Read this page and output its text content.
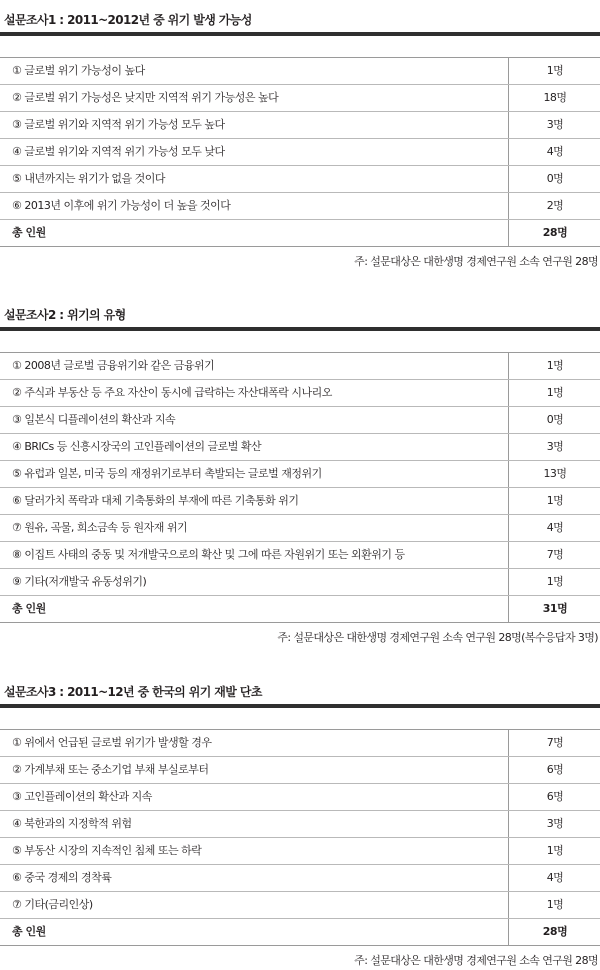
설문조사1 : 2011~2012년 중 위기 발생 가능성
① 글로벌 위기 가능성이 높다	1명
② 글로벌 위기 가능성은 낮지만 지역적 위기 가능성은 높다	18명
③ 글로벌 위기와 지역적 위기 가능성 모두 높다	3명
④ 글로벌 위기와 지역적 위기 가능성 모두 낮다	4명
⑤ 내년까지는 위기가 없을 것이다	0명
⑥ 2013년 이후에 위기 가능성이 더 높을 것이다	2명
총 인원	28명
주: 설문대상은 대한생명 경제연구원 소속 연구원 28명
설문조사2 : 위기의 유형
① 2008년 글로벌 금융위기와 같은 금융위기	1명
② 주식과 부동산 등 주요 자산이 동시에 급락하는 자산대폭락 시나리오	1명
③ 일본식 디플레이션의 확산과 지속	0명
④ BRICs 등 신흥시장국의 고인플레이션의 글로벌 확산	3명
⑤ 유럽과 일본, 미국 등의 재정위기로부터 촉발되는 글로벌 재정위기	13명
⑥ 달러가치 폭락과 대체 기축통화의 부재에 따른 기축통화 위기	1명
⑦ 원유, 곡물, 희소금속 등 원자재 위기	4명
⑧ 이집트 사태의 중동 및 저개발국으로의 확산 및 그에 따른 자원위기 또는 외환위기 등	7명
⑨ 기타(저개발국 유동성위기)	1명
총 인원	31명
주: 설문대상은 대한생명 경제연구원 소속 연구원 28명(복수응답자 3명)
설문조사3 : 2011~12년 중 한국의 위기 재발 단초
① 위에서 언급된 글로벌 위기가 발생할 경우	7명
② 가계부채 또는 중소기업 부채 부실로부터	6명
③ 고인플레이션의 확산과 지속	6명
④ 북한과의 지정학적 위험	3명
⑤ 부동산 시장의 지속적인 침체 또는 하락	1명
⑥ 중국 경제의 경착륙	4명
⑦ 기타(금리인상)	1명
총 인원	28명
주: 설문대상은 대한생명 경제연구원 소속 연구원 28명
